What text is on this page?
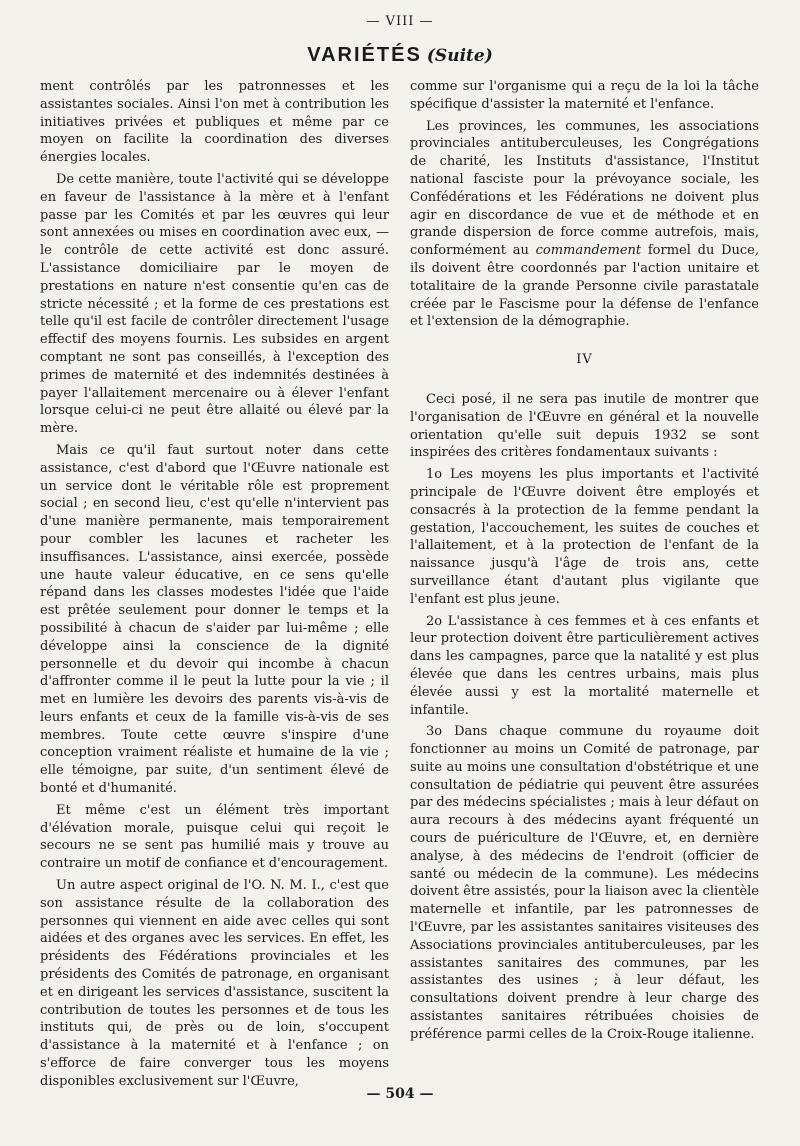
— VIII —
VARIÉTÉS (Suite)

ment contrôlés par les patronnesses et les assistantes sociales. Ainsi l'on met à contribution les initiatives privées et publiques et même par ce moyen on facilite la coordination des diverses énergies locales.

De cette manière, toute l'activité qui se développe en faveur de l'assistance à la mère et à l'enfant passe par les Comités et par les œuvres qui leur sont annexées ou mises en coordination avec eux, — le contrôle de cette activité est donc assuré. L'assistance domiciliaire par le moyen de prestations en nature n'est consentie qu'en cas de stricte nécessité ; et la forme de ces prestations est telle qu'il est facile de contrôler directement l'usage effectif des moyens fournis. Les subsides en argent comptant ne sont pas conseillés, à l'exception des primes de maternité et des indemnités destinées à payer l'allaitement mercenaire ou à élever l'enfant lorsque celui-ci ne peut être allaité ou élevé par la mère.

Mais ce qu'il faut surtout noter dans cette assistance, c'est d'abord que l'Œuvre nationale est un service dont le véritable rôle est proprement social ; en second lieu, c'est qu'elle n'intervient pas d'une manière permanente, mais temporairement pour combler les lacunes et racheter les insuffisances. L'assistance, ainsi exercée, possède une haute valeur éducative, en ce sens qu'elle répand dans les classes modestes l'idée que l'aide est prêtée seulement pour donner le temps et la possibilité à chacun de s'aider par lui-même ; elle développe ainsi la conscience de la dignité personnelle et du devoir qui incombe à chacun d'affronter comme il le peut la lutte pour la vie ; il met en lumière les devoirs des parents vis-à-vis de leurs enfants et ceux de la famille vis-à-vis de ses membres. Toute cette œuvre s'inspire d'une conception vraiment réaliste et humaine de la vie ; elle témoigne, par suite, d'un sentiment élevé de bonté et d'humanité.

Et même c'est un élément très important d'élévation morale, puisque celui qui reçoit le secours ne se sent pas humilié mais y trouve au contraire un motif de confiance et d'encouragement.

Un autre aspect original de l'O. N. M. I., c'est que son assistance résulte de la collaboration des personnes qui viennent en aide avec celles qui sont aidées et des organes avec les services. En effet, les présidents des Fédérations provinciales et les présidents des Comités de patronage, en organisant et en dirigeant les services d'assistance, suscitent la contribution de toutes les personnes et de tous les instituts qui, de près ou de loin, s'occupent d'assistance à la maternité et à l'enfance ; on s'efforce de faire converger tous les moyens disponibles exclusivement sur l'Œuvre,

comme sur l'organisme qui a reçu de la loi la tâche spécifique d'assister la maternité et l'enfance.

Les provinces, les communes, les associations provinciales antituberculeuses, les Congrégations de charité, les Instituts d'assistance, l'Institut national fasciste pour la prévoyance sociale, les Confédérations et les Fédérations ne doivent plus agir en discordance de vue et de méthode et en grande dispersion de force comme autrefois, mais, conformément au commandement formel du Duce, ils doivent être coordonnés par l'action unitaire et totalitaire de la grande Personne civile parastatale créée par le Fascisme pour la défense de l'enfance et l'extension de la démographie.

IV

Ceci posé, il ne sera pas inutile de montrer que l'organisation de l'Œuvre en général et la nouvelle orientation qu'elle suit depuis 1932 se sont inspirées des critères fondamentaux suivants :

1o Les moyens les plus importants et l'activité principale de l'Œuvre doivent être employés et consacrés à la protection de la femme pendant la gestation, l'accouchement, les suites de couches et l'allaitement, et à la protection de l'enfant de la naissance jusqu'à l'âge de trois ans, cette surveillance étant d'autant plus vigilante que l'enfant est plus jeune.

2o L'assistance à ces femmes et à ces enfants et leur protection doivent être particulièrement actives dans les campagnes, parce que la natalité y est plus élevée que dans les centres urbains, mais plus élevée aussi y est la mortalité maternelle et infantile.

3o Dans chaque commune du royaume doit fonctionner au moins un Comité de patronage, par suite au moins une consultation d'obstétrique et une consultation de pédiatrie qui peuvent être assurées par des médecins spécialistes ; mais à leur défaut on aura recours à des médecins ayant fréquenté un cours de puériculture de l'Œuvre, et, en dernière analyse, à des médecins de l'endroit (officier de santé ou médecin de la commune). Les médecins doivent être assistés, pour la liaison avec la clientèle maternelle et infantile, par les patronnesses de l'Œuvre, par les assistantes sanitaires visiteuses des Associations provinciales antituberculeuses, par les assistantes sanitaires des communes, par les assistantes des usines ; à leur défaut, les consultations doivent prendre à leur charge des assistantes sanitaires rétribuées choisies de préférence parmi celles de la Croix-Rouge italienne.

— 504 —
